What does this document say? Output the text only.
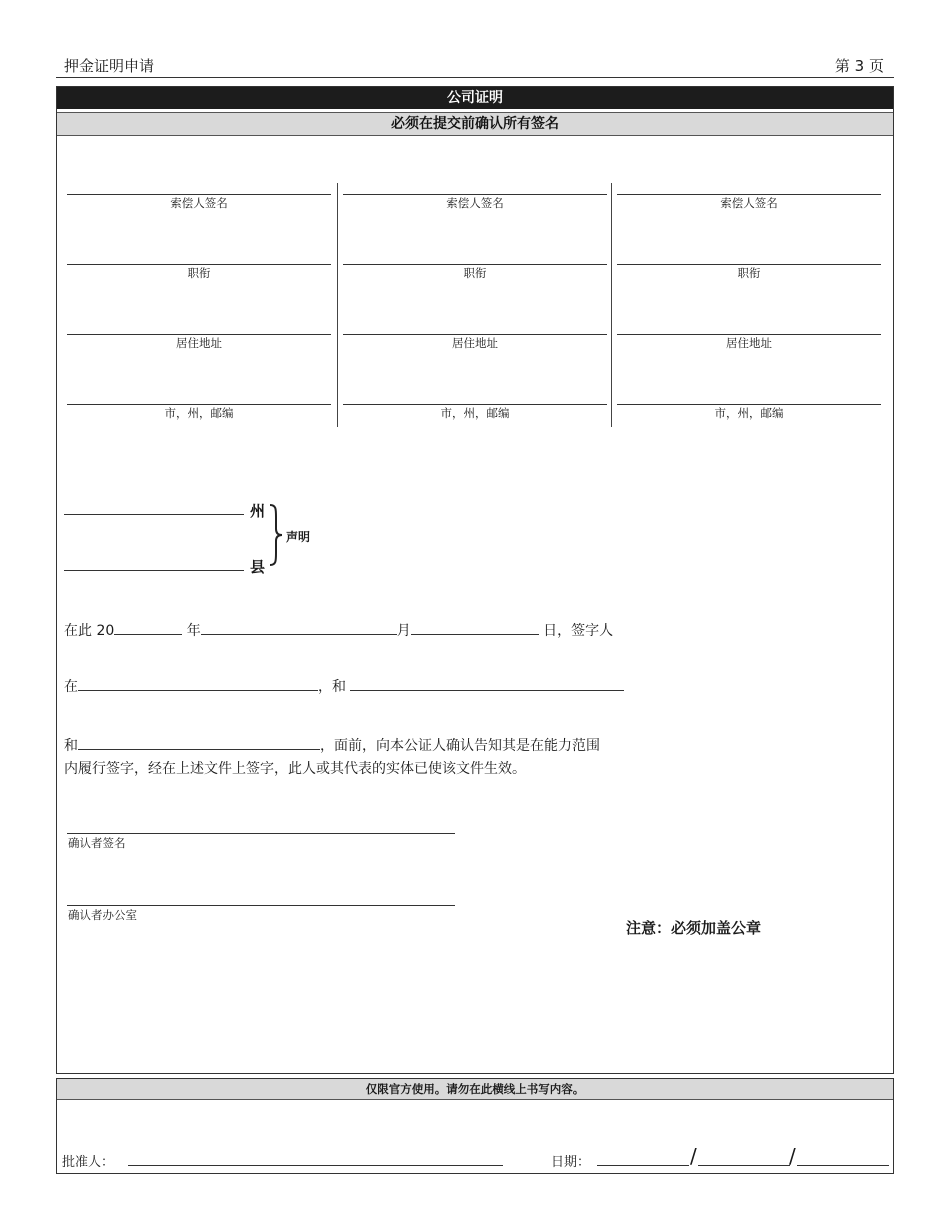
押金证明申请	第 3 页
公司证明
必须在提交前确认所有签名
索偿人签名
职衔
居住地址
市，州，邮编
索偿人签名
职衔
居住地址
市，州，邮编
索偿人签名
职衔
居住地址
市，州，邮编
州
县
声明
在此 20	年	月	日，签字人
在	，和
和	，面前，向本公证人确认告知其是在能力范围
内履行签字，经在上述文件上签字，此人或其代表的实体已使该文件生效。
确认者签名
确认者办公室
注意：必须加盖公章
仅限官方使用。请勿在此横线上书写内容。
批准人：	日期：	/	/
